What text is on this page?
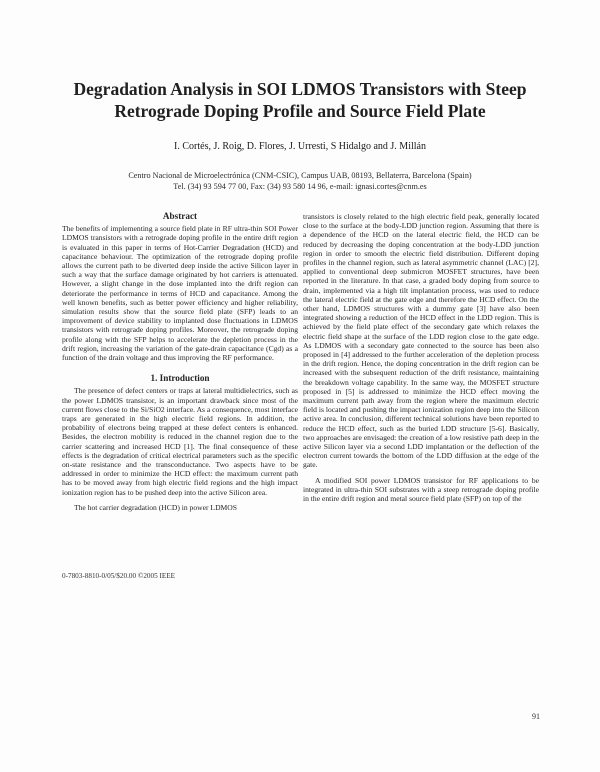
Degradation Analysis in SOI LDMOS Transistors with Steep Retrograde Doping Profile and Source Field Plate
I. Cortés, J. Roig, D. Flores, J. Urresti, S Hidalgo and J. Millán
Centro Nacional de Microelectrónica (CNM-CSIC), Campus UAB, 08193, Bellaterra, Barcelona (Spain)
Tel. (34) 93 594 77 00, Fax: (34) 93 580 14 96, e-mail: ignasi.cortes@cnm.es
Abstract

The benefits of implementing a source field plate in RF ultra-thin SOI Power LDMOS transistors with a retrograde doping profile in the entire drift region is evaluated in this paper in terms of Hot-Carrier Degradation (HCD) and capacitance behaviour. The optimization of the retrograde doping profile allows the current path to be diverted deep inside the active Silicon layer in such a way that the surface damage originated by hot carriers is attenuated. However, a slight change in the dose implanted into the drift region can deteriorate the performance in terms of HCD and capacitance. Among the well known benefits, such as better power efficiency and higher reliability, simulation results show that the source field plate (SFP) leads to an improvement of device stability to implanted dose fluctuations in LDMOS transistors with retrograde doping profiles. Moreover, the retrograde doping profile along with the SFP helps to accelerate the depletion process in the drift region, increasing the variation of the gate-drain capacitance (Cgd) as a function of the drain voltage and thus improving the RF performance.

1. Introduction

The presence of defect centers or traps at lateral multidielectrics, such as the power LDMOS transistor, is an important drawback since most of the current flows close to the Si/SiO2 interface. As a consequence, most interface traps are generated in the high electric field regions. In addition, the probability of electrons being trapped at these defect centers is enhanced. Besides, the electron mobility is reduced in the channel region due to the carrier scattering and increased HCD [1]. The final consequence of these effects is the degradation of critical electrical parameters such as the specific on-state resistance and the transconductance. Two aspects have to be addressed in order to minimize the HCD effect: the maximum current path has to be moved away from high electric field regions and the high impact ionization region has to be pushed deep into the active Silicon area.

The hot carrier degradation (HCD) in power LDMOS

transistors is closely related to the high electric field peak, generally located close to the surface at the body-LDD junction region. Assuming that there is a dependence of the HCD on the lateral electric field, the HCD can be reduced by decreasing the doping concentration at the body-LDD junction region in order to smooth the electric field distribution. Different doping profiles in the channel region, such as lateral asymmetric channel (LAC) [2], applied to conventional deep submicron MOSFET structures, have been reported in the literature. In that case, a graded body doping from source to drain, implemented via a high tilt implantation process, was used to reduce the lateral electric field at the gate edge and therefore the HCD effect. On the other hand, LDMOS structures with a dummy gate [3] have also been integrated showing a reduction of the HCD effect in the LDD region. This is achieved by the field plate effect of the secondary gate which relaxes the electric field shape at the surface of the LDD region close to the gate edge. As LDMOS with a secondary gate connected to the source has been also proposed in [4] addressed to the further acceleration of the depletion process in the drift region. Hence, the doping concentration in the drift region can be increased with the subsequent reduction of the drift resistance, maintaining the breakdown voltage capability. In the same way, the MOSFET structure proposed in [5] is addressed to minimize the HCD effect moving the maximum current path away from the region where the maximum electric field is located and pushing the impact ionization region deep into the Silicon active area. In conclusion, different technical solutions have been reported to reduce the HCD effect, such as the buried LDD structure [5-6]. Basically, two approaches are envisaged: the creation of a low resistive path deep in the active Silicon layer via a second LDD implantation or the deflection of the electron current towards the bottom of the LDD diffusion at the edge of the gate.

A modified SOI power LDMOS transistor for RF applications to be integrated in ultra-thin SOI substrates with a steep retrograde doping profile in the entire drift region and metal source field plate (SFP) on top of the

0-7803-8810-0/05/$20.00 ©2005 IEEE
91
